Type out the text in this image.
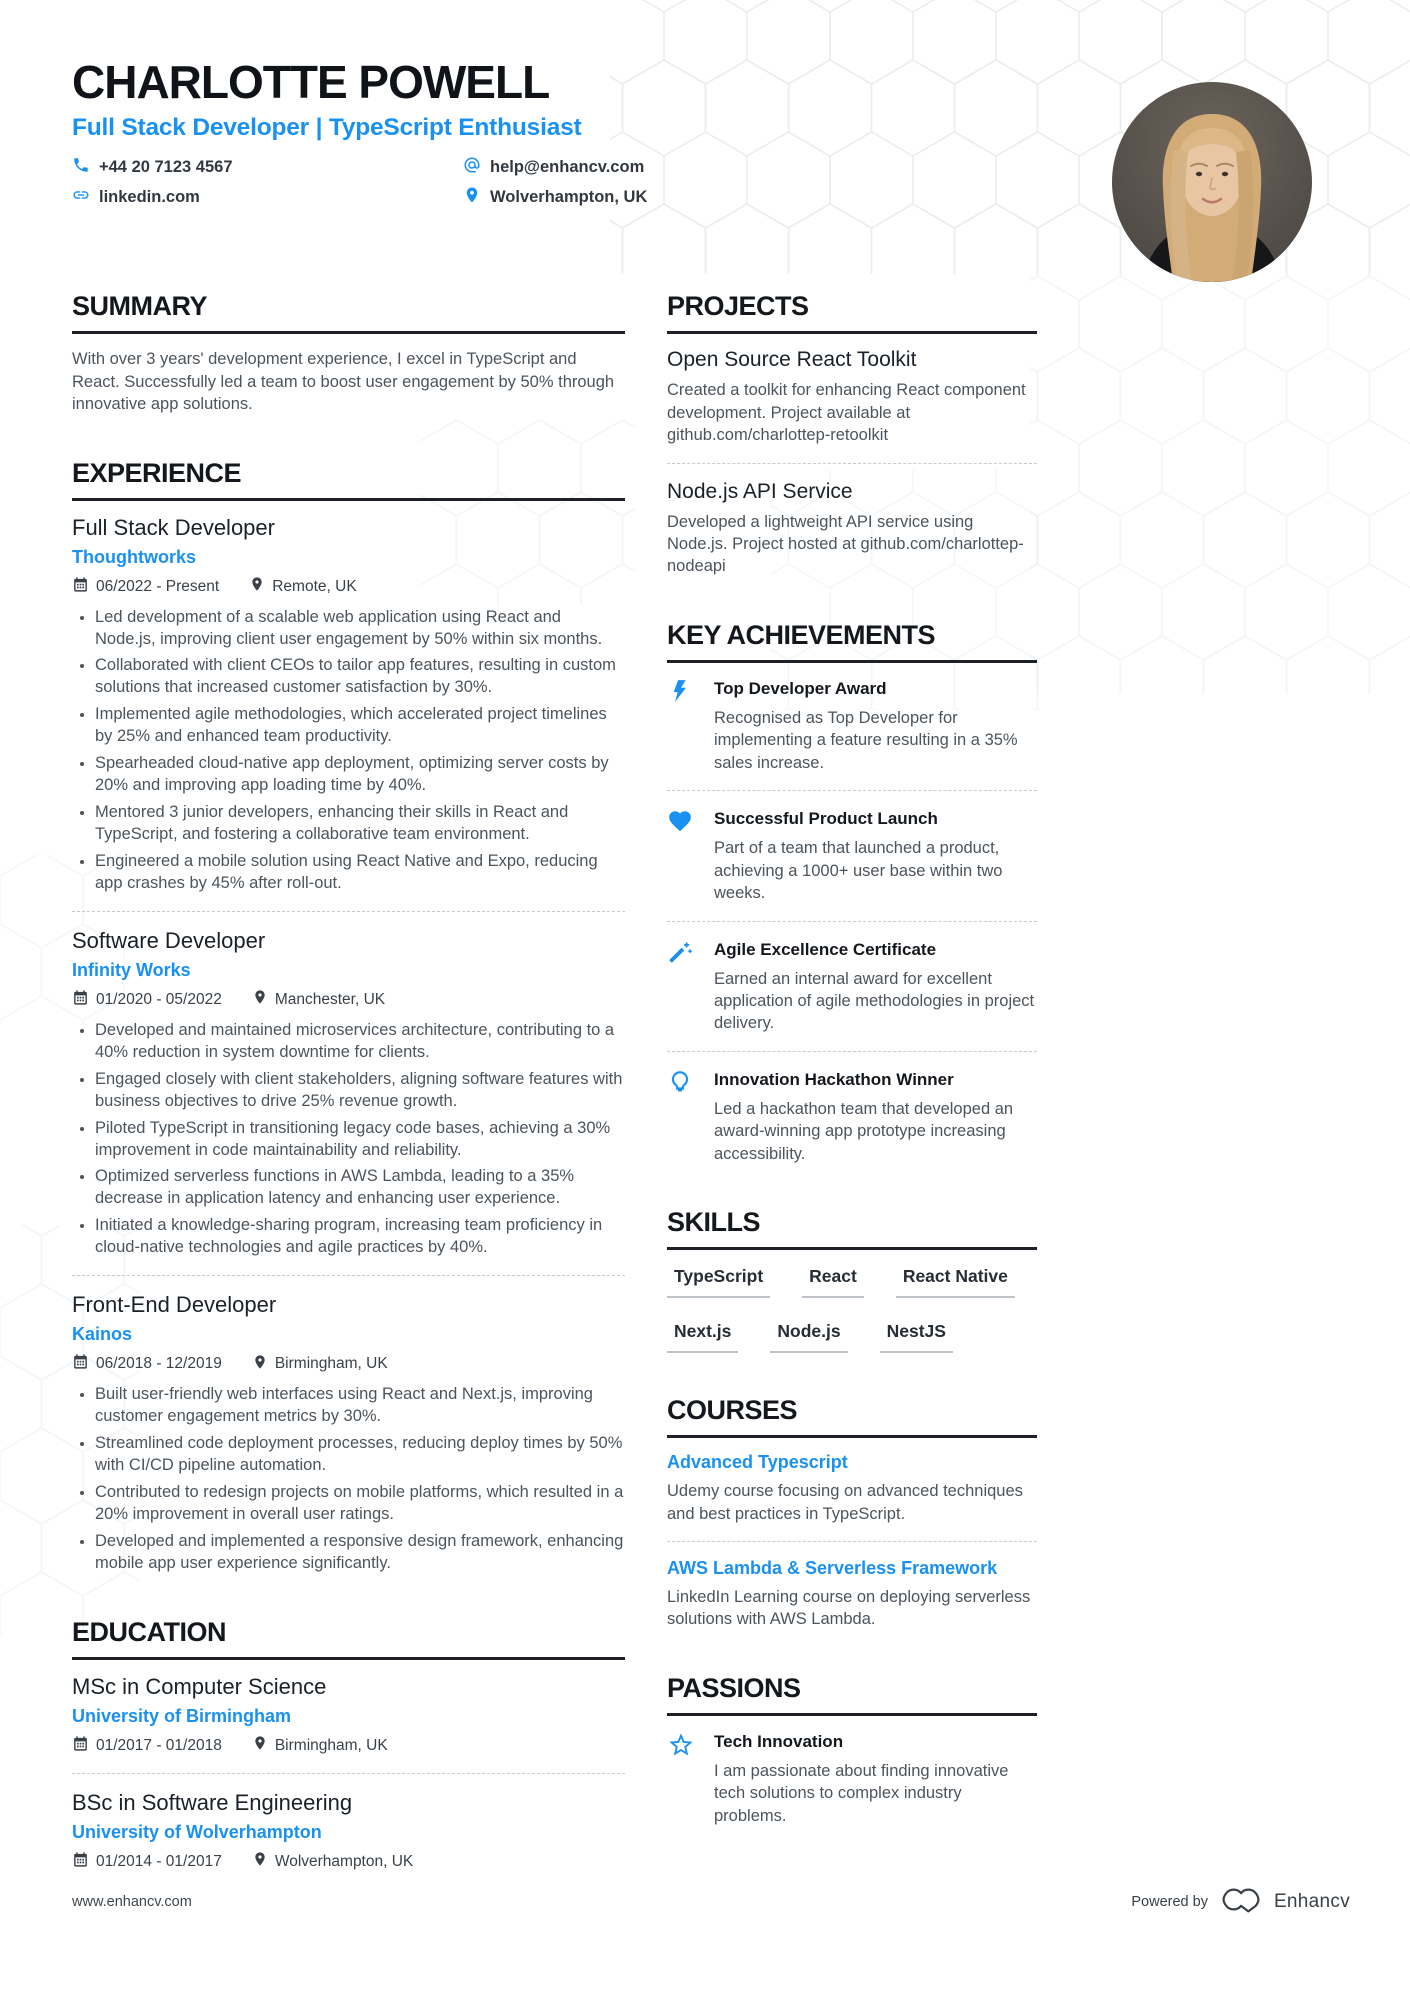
CHARLOTTE POWELL
Full Stack Developer | TypeScript Enthusiast
+44 20 7123 4567	help@enhancv.com
linkedin.com	Wolverhampton, UK
SUMMARY

With over 3 years' development experience, I excel in TypeScript and React. Successfully led a team to boost user engagement by 50% through innovative app solutions.

EXPERIENCE
Full Stack Developer
Thoughtworks
06/2022 - Present	Remote, UK
• Led development of a scalable web application using React and Node.js, improving client user engagement by 50% within six months.
• Collaborated with client CEOs to tailor app features, resulting in custom solutions that increased customer satisfaction by 30%.
• Implemented agile methodologies, which accelerated project timelines by 25% and enhanced team productivity.
• Spearheaded cloud-native app deployment, optimizing server costs by 20% and improving app loading time by 40%.
• Mentored 3 junior developers, enhancing their skills in React and TypeScript, and fostering a collaborative team environment.
• Engineered a mobile solution using React Native and Expo, reducing app crashes by 45% after roll-out.
Software Developer
Infinity Works
01/2020 - 05/2022	Manchester, UK
• Developed and maintained microservices architecture, contributing to a 40% reduction in system downtime for clients.
• Engaged closely with client stakeholders, aligning software features with business objectives to drive 25% revenue growth.
• Piloted TypeScript in transitioning legacy code bases, achieving a 30% improvement in code maintainability and reliability.
• Optimized serverless functions in AWS Lambda, leading to a 35% decrease in application latency and enhancing user experience.
• Initiated a knowledge-sharing program, increasing team proficiency in cloud-native technologies and agile practices by 40%.
Front-End Developer
Kainos
06/2018 - 12/2019	Birmingham, UK
• Built user-friendly web interfaces using React and Next.js, improving customer engagement metrics by 30%.
• Streamlined code deployment processes, reducing deploy times by 50% with CI/CD pipeline automation.
• Contributed to redesign projects on mobile platforms, which resulted in a 20% improvement in overall user ratings.
• Developed and implemented a responsive design framework, enhancing mobile app user experience significantly.
EDUCATION
MSc in Computer Science
University of Birmingham
01/2017 - 01/2018	Birmingham, UK
BSc in Software Engineering
University of Wolverhampton
01/2014 - 01/2017	Wolverhampton, UK
PROJECTS
Open Source React Toolkit

Created a toolkit for enhancing React component development. Project available at github.com/charlottep-retoolkit

Node.js API Service

Developed a lightweight API service using Node.js. Project hosted at github.com/charlottep-nodeapi

KEY ACHIEVEMENTS
Top Developer Award

Recognised as Top Developer for implementing a feature resulting in a 35% sales increase.

Successful Product Launch

Part of a team that launched a product, achieving a 1000+ user base within two weeks.

Agile Excellence Certificate

Earned an internal award for excellent application of agile methodologies in project delivery.

Innovation Hackathon Winner

Led a hackathon team that developed an award-winning app prototype increasing accessibility.

SKILLS
TypeScript	React	React Native
Next.js	Node.js	NestJS
COURSES
Advanced Typescript

Udemy course focusing on advanced techniques and best practices in TypeScript.

AWS Lambda & Serverless Framework

LinkedIn Learning course on deploying serverless solutions with AWS Lambda.

PASSIONS
Tech Innovation

I am passionate about finding innovative tech solutions to complex industry problems.

www.enhancv.com	Powered by	Enhancv
